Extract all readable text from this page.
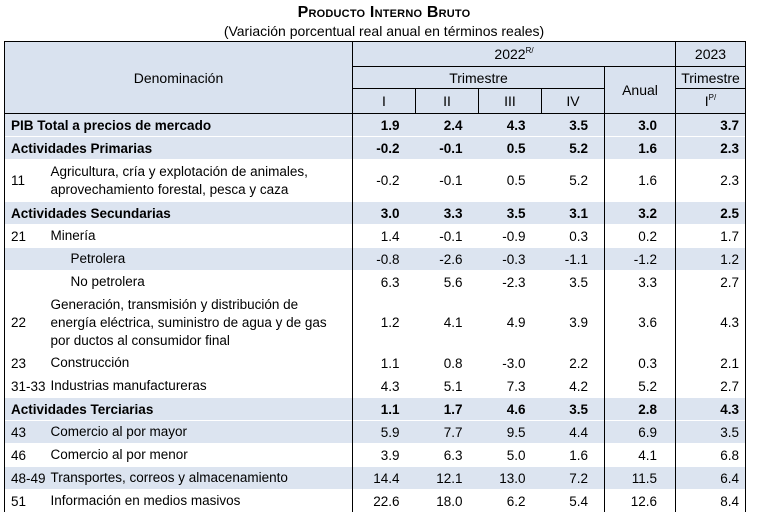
Producto Interno Bruto
(Variación porcentual real anual en términos reales)
Denominación		$2022^{R/}$					2023
		Trimestre				Anual	Trimestre
		I	II	III	IV		$I^{P/}$
PIB Total a precios de mercado		1.9	2.4	4.3	3.5	3.0	3.7
Actividades Primarias		-0.2	-0.1	0.5	5.2	1.6	2.3
11	Agricultura, cría y explotación de animales, aprovechamiento forestal, pesca y caza	-0.2	-0.1	0.5	5.2	1.6	2.3
Actividades Secundarias		3.0	3.3	3.5	3.1	3.2	2.5
21	Minería	1.4	-0.1	-0.9	0.3	0.2	1.7
	Petrolera	-0.8	-2.6	-0.3	-1.1	-1.2	1.2
	No petrolera	6.3	5.6	-2.3	3.5	3.3	2.7
22	Generación, transmisión y distribución de energía eléctrica, suministro de agua y de gas por ductos al consumidor final	1.2	4.1	4.9	3.9	3.6	4.3
23	Construcción	1.1	0.8	-3.0	2.2	0.3	2.1
31-33	Industrias manufactureras	4.3	5.1	7.3	4.2	5.2	2.7
Actividades Terciarias		1.1	1.7	4.6	3.5	2.8	4.3
43	Comercio al por mayor	5.9	7.7	9.5	4.4	6.9	3.5
46	Comercio al por menor	3.9	6.3	5.0	1.6	4.1	6.8
48-49	Transportes, correos y almacenamiento	14.4	12.1	13.0	7.2	11.5	6.4
51	Información en medios masivos	22.6	18.0	6.2	5.4	12.6	8.4
